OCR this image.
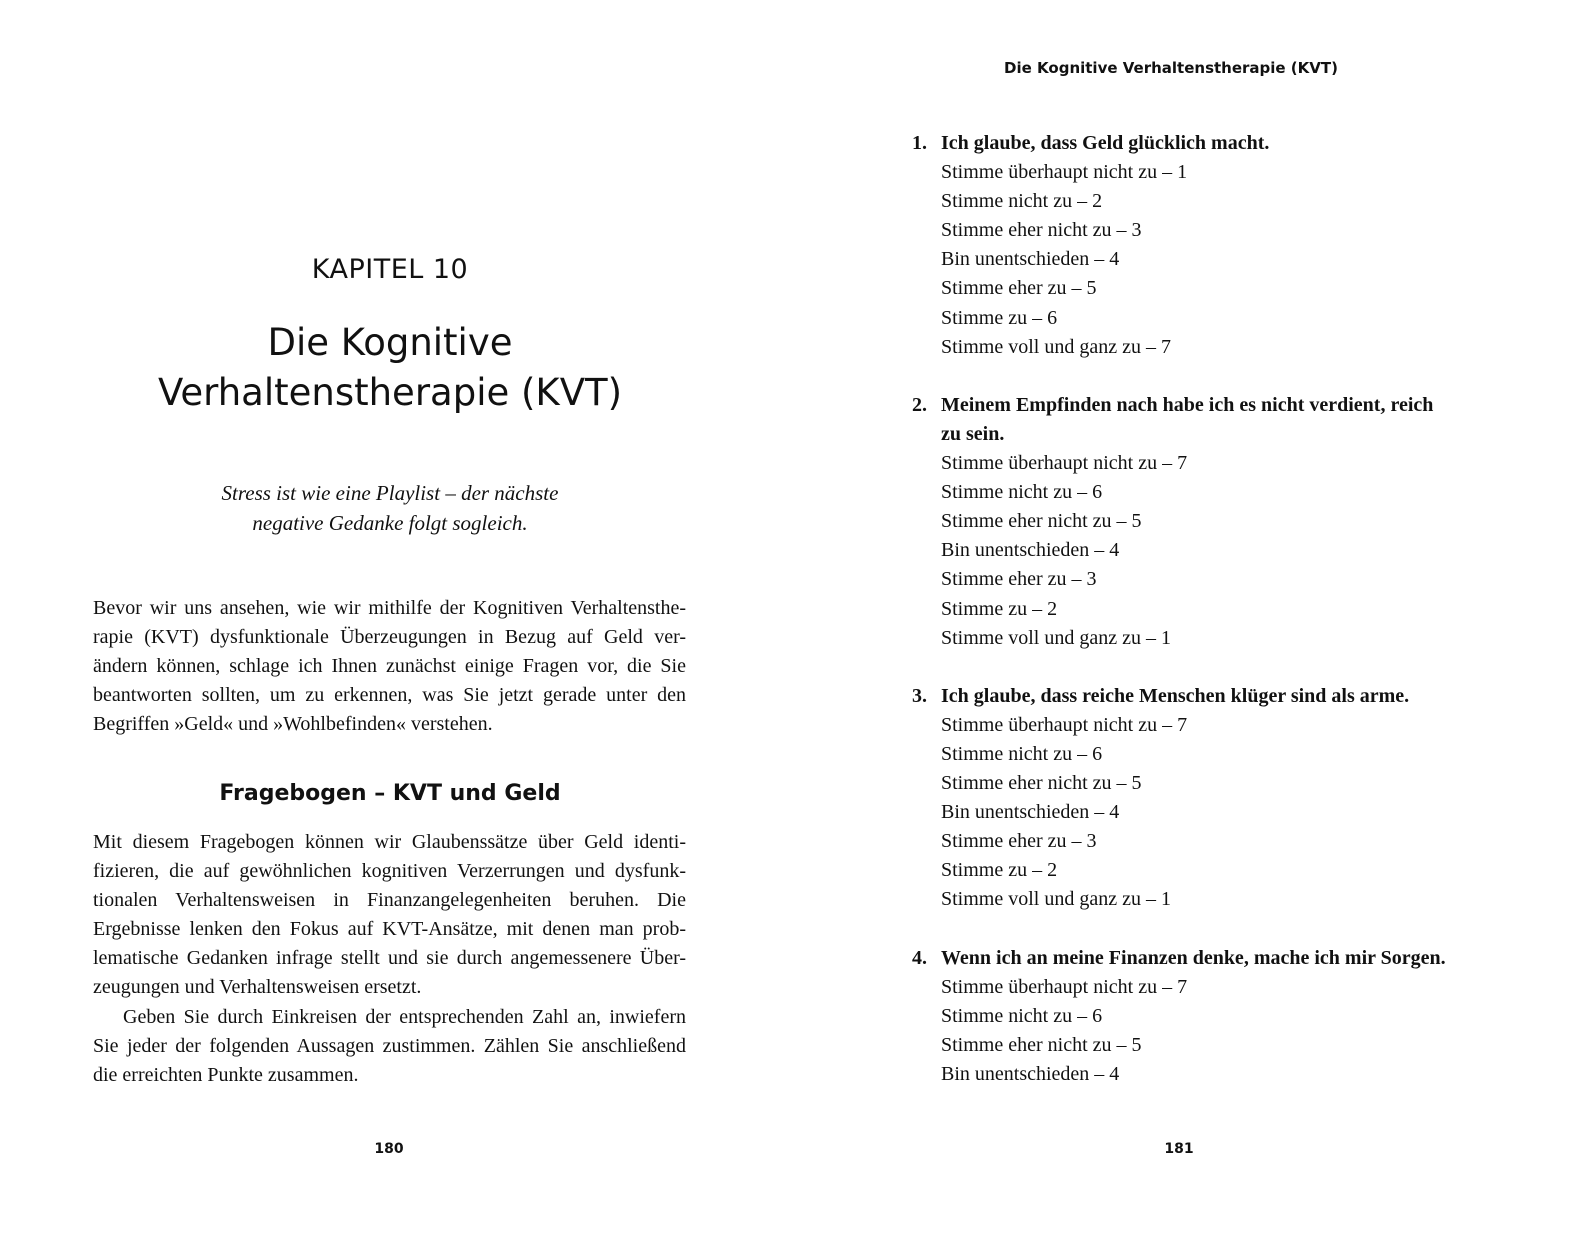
KAPITEL 10
Die Kognitive
Verhaltenstherapie (KVT)
Stress ist wie eine Playlist – der nächste
negative Gedanke folgt sogleich.
Bevor wir uns ansehen, wie wir mithilfe der Kognitiven Verhaltensthe-
rapie (KVT) dysfunktionale Überzeugungen in Bezug auf Geld ver-
ändern können, schlage ich Ihnen zunächst einige Fragen vor, die Sie
beantworten sollten, um zu erkennen, was Sie jetzt gerade unter den
Begriffen »Geld« und »Wohlbefinden« verstehen.
Fragebogen – KVT und Geld
Mit diesem Fragebogen können wir Glaubenssätze über Geld identi-
fizieren, die auf gewöhnlichen kognitiven Verzerrungen und dysfunk-
tionalen Verhaltensweisen in Finanzangelegenheiten beruhen. Die
Ergebnisse lenken den Fokus auf KVT-Ansätze, mit denen man prob-
lematische Gedanken infrage stellt und sie durch angemessenere Über-
zeugungen und Verhaltensweisen ersetzt.
Geben Sie durch Einkreisen der entsprechenden Zahl an, inwiefern
Sie jeder der folgenden Aussagen zustimmen. Zählen Sie anschließend
die erreichten Punkte zusammen.
180
Die Kognitive Verhaltenstherapie (KVT)
1. Ich glaube, dass Geld glücklich macht.
Stimme überhaupt nicht zu – 1
Stimme nicht zu – 2
Stimme eher nicht zu – 3
Bin unentschieden – 4
Stimme eher zu – 5
Stimme zu – 6
Stimme voll und ganz zu – 7
2. Meinem Empfinden nach habe ich es nicht verdient, reich
zu sein.
Stimme überhaupt nicht zu – 7
Stimme nicht zu – 6
Stimme eher nicht zu – 5
Bin unentschieden – 4
Stimme eher zu – 3
Stimme zu – 2
Stimme voll und ganz zu – 1
3. Ich glaube, dass reiche Menschen klüger sind als arme.
Stimme überhaupt nicht zu – 7
Stimme nicht zu – 6
Stimme eher nicht zu – 5
Bin unentschieden – 4
Stimme eher zu – 3
Stimme zu – 2
Stimme voll und ganz zu – 1
4. Wenn ich an meine Finanzen denke, mache ich mir Sorgen.
Stimme überhaupt nicht zu – 7
Stimme nicht zu – 6
Stimme eher nicht zu – 5
Bin unentschieden – 4
181
